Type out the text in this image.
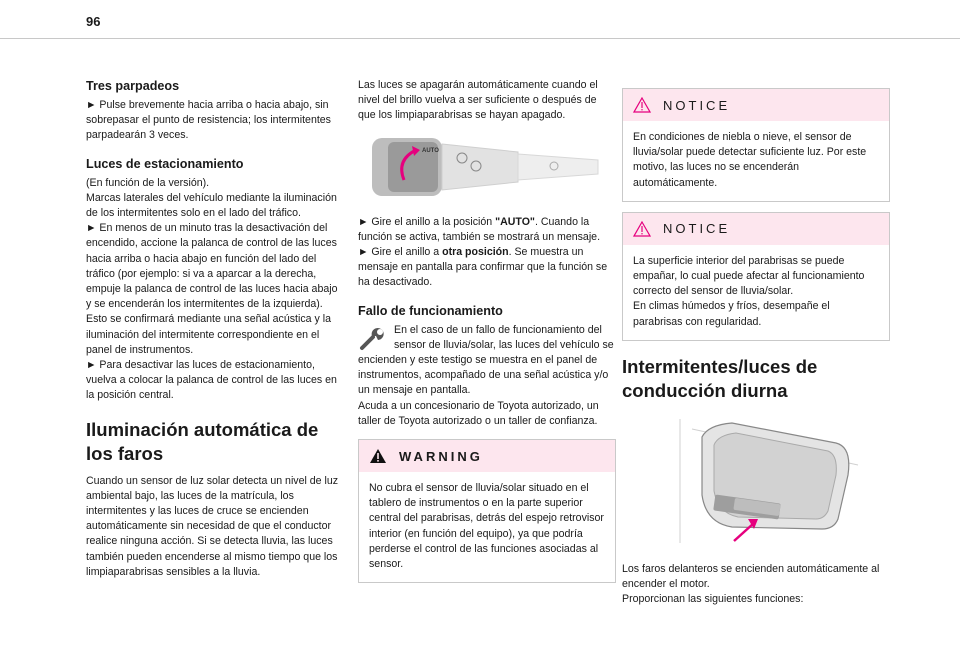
96
Tres parpadeos
► Pulse brevemente hacia arriba o hacia abajo, sin sobrepasar el punto de resistencia; los intermitentes parpadearán 3 veces.
Luces de estacionamiento
(En función de la versión).
Marcas laterales del vehículo mediante la iluminación de los intermitentes solo en el lado del tráfico.
► En menos de un minuto tras la desactivación del encendido, accione la palanca de control de las luces hacia arriba o hacia abajo en función del lado del tráfico (por ejemplo: si va a aparcar a la derecha, empuje la palanca de control de las luces hacia abajo y se encenderán los intermitentes de la izquierda).
Esto se confirmará mediante una señal acústica y la iluminación del intermitente correspondiente en el panel de instrumentos.
► Para desactivar las luces de estacionamiento, vuelva a colocar la palanca de control de las luces en la posición central.
Iluminación automática de los faros
Cuando un sensor de luz solar detecta un nivel de luz ambiental bajo, las luces de la matrícula, los intermitentes y las luces de cruce se encienden automáticamente sin necesidad de que el conductor realice ninguna acción. Si se detecta lluvia, las luces también pueden encenderse al mismo tiempo que los limpiaparabrisas sensibles a la lluvia.
Las luces se apagarán automáticamente cuando el nivel del brillo vuelva a ser suficiente o después de que los limpiaparabrisas se hayan apagado.
AUTO
► Gire el anillo a la posición "AUTO". Cuando la función se activa, también se mostrará un mensaje.
► Gire el anillo a otra posición. Se muestra un mensaje en pantalla para confirmar que la función se ha desactivado.
Fallo de funcionamiento
En el caso de un fallo de funcionamiento del sensor de lluvia/solar, las luces del vehículo se encienden y este testigo se muestra en el panel de instrumentos, acompañado de una señal acústica y/o un mensaje en pantalla.
Acuda a un concesionario de Toyota autorizado, un taller de Toyota autorizado o un taller de confianza.
WARNING
No cubra el sensor de lluvia/solar situado en el tablero de instrumentos o en la parte superior central del parabrisas, detrás del espejo retrovisor interior (en función del equipo), ya que podría perderse el control de las funciones asociadas al sensor.
NOTICE
En condiciones de niebla o nieve, el sensor de lluvia/solar puede detectar suficiente luz. Por este motivo, las luces no se encenderán automáticamente.
NOTICE
La superficie interior del parabrisas se puede empañar, lo cual puede afectar al funcionamiento correcto del sensor de lluvia/solar.
En climas húmedos y fríos, desempañe el parabrisas con regularidad.
Intermitentes/luces de conducción diurna
Los faros delanteros se encienden automáticamente al encender el motor.
Proporcionan las siguientes funciones:
